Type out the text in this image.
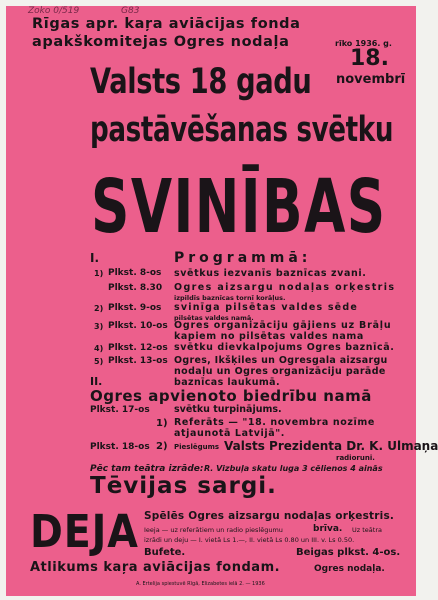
Zoko 0/519	G83
Rīgas apr. kaŗa aviācijas fonda
apakškomitejas Ogres nodaļa	rīko 1936. g.
18.
novembrī
Valsts 18 gadu
pastāvēšanas svētku
SVINĪBAS
I.	Programmā:
1) Plkst. 8-os svētkus iezvanīs baznīcas zvani.
Plkst. 8.30 Ogres aizsargu nodaļas orķestris
izpildīs baznīcas tornī korāļus.
2) Plkst. 9-os svinīga pilsētas valdes sēde
pilsētas valdes namā.
3) Plkst. 10-os Ogres organizāciju gājiens uz Brāļu
kapiem no pilsētas valdes nama
4) Plkst. 12-os svētku dievkalpojums Ogres baznīcā.
5) Plkst. 13-os Ogres, Ikšķiles un Ogresgala aizsargu
nodaļu un Ogres organizāciju parāde
baznīcas laukumā.
II.
Ogres apvienoto biedrību namā
Plkst. 17-os	svētku turpinājums.
1) Referāts — "18. novembra nozīme
atjaunotā Latvijā".
Plkst. 18-os 2) Pieslēgums Valsts Prezidenta Dr. K. Ulmaņa
radioruni.
Pēc tam teātra izrāde: R. Vizbuļa skatu luga 3 cēlienos 4 ainās
Tēvijas sargi.
DEJA Spēlēs Ogres aizsargu nodaļas orķestris.
Ieeja — uz referātiem un radio pieslēgumu	brīva. Uz teātra
izrādi un deju — I. vietā Ls 1.—, II. vietā Ls 0.80 un III. v. Ls 0.50.
Bufete.	Beigas plkst. 4-os.
Atlikums kaŗa aviācijas fondam.	Ogres nodaļa.
A. Ertelija spiestuvē Rīgā, Elizabetes ielā 2. — 1936
